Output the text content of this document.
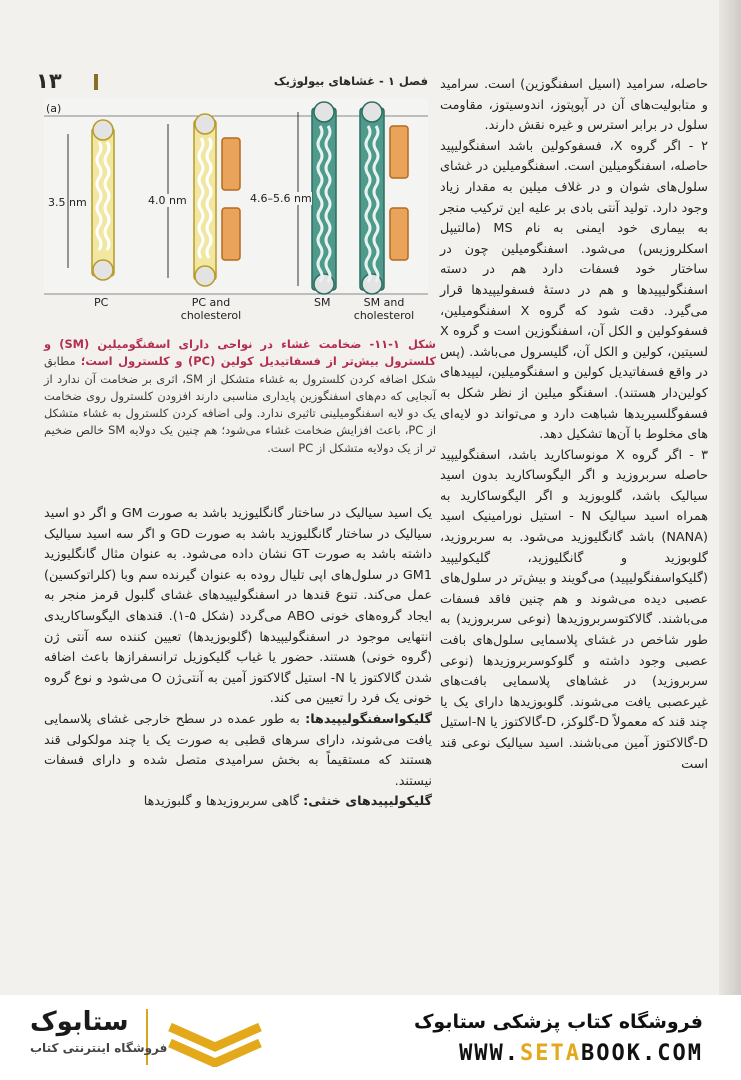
۱۳	فصل ۱ - غشاهای بیولوژیک
(a)
3.5 nm	4.0 nm	4.6–5.6 nm
PC	PC and cholesterol
SM	SM and cholesterol
شکل ۱-۱۱- ضخامت غشاء در نواحی دارای اسفنگومیلین (SM) و کلسترول بیش‌تر از فسفاتیدیل کولین (PC) و کلسترول است؛ مطابق شکل اضافه کردن کلسترول به غشاء متشکل از SM، اثری بر ضخامت آن ندارد از آنجایی که دم‌های اسفنگوزین پایداری مناسبی دارند افزودن کلسترول روی ضخامت یک دو لایه اسفنگومیلینی تاثیری ندارد. ولی اضافه کردن کلسترول به غشاء متشکل از PC، باعث افزایش ضخامت غشاء می‌شود؛ هم چنین یک دولایه SM خالص ضخیم تر از یک دولایه متشکل از PC است.

حاصله، سرامید (اسیل اسفنگوزین) است. سرامید و متابولیت‌های آن در آپوپتوز، اندوسیتوز، مقاومت سلول در برابر استرس و غیره نقش دارند.

۲ - اگر گروه X، فسفوکولین باشد اسفنگولیپید حاصله، اسفنگومیلین است. اسفنگومیلین در غشای سلول‌های شوان و در غلاف میلین به مقدار زیاد وجود دارد. تولید آنتی بادی بر علیه این ترکیب منجر به بیماری خود ایمنی به نام MS (مالتیپل اسکلروزیس) می‌شود. اسفنگومیلین چون در ساختار خود فسفات دارد هم در دسته اسفنگولیپیدها و هم در دستهٔ فسفولیپیدها قرار می‌گیرد. دقت شود که گروه X اسفنگومیلین، فسفوکولین و الکل آن، اسفنگوزین است و گروه X لسیتین، کولین و الکل آن، گلیسرول می‌باشد. (پس در واقع فسفاتیدیل کولین و اسفنگومیلین، لیپیدهای کولین‌دار هستند). اسفنگو میلین از نظر شکل به فسفوگلسیریدها شباهت دارد و می‌تواند دو لایه‌ای های مخلوط با آن‌ها تشکیل دهد.

۳ - اگر گروه X مونوساکارید باشد، اسفنگولیپید حاصله سربروزید و اگر الیگوساکارید بدون اسید سیالیک باشد، گلوبوزید و اگر الیگوساکارید به همراه اسید سیالیک N - استیل نورامینیک اسید (NANA) باشد گانگلیوزید می‌شود. به سربروزید، گلوبوزید و گانگلیوزید، گلیکولیپید (گلیکواسفنگولیپید) می‌گویند و بیش‌تر در سلول‌های عصبی دیده می‌شوند و هم چنین فاقد فسفات می‌باشند. گالاکتوسربروزیدها (نوعی سربروزید) به طور شاخص در غشای پلاسمایی سلول‌های بافت عصبی وجود داشته و گلوکوسربروزیدها (نوعی سربروزید) در غشاهای پلاسمایی بافت‌های غیرعصبی یافت می‌شوند. گلوبوزیدها دارای یک یا چند قند که معمولاً D-گلوکز، D-گالاکتوز یا N-استیل D-گالاکتوز آمین می‌باشند. اسید سیالیک نوعی قند است

یک اسید سیالیک در ساختار گانگلیوزید باشد به صورت GM و اگر دو اسید سیالیک در ساختار گانگلیوزید باشد به صورت GD و اگر سه اسید سیالیک داشته باشد به صورت GT نشان داده می‌شود. به عنوان مثال گانگلیوزید GM1 در سلول‌های اپی تلیال روده به عنوان گیرنده سم وبا (کلراتوکسین) عمل می‌کند. تنوع قندها در اسفنگولیپیدهای غشای گلبول قرمز منجر به ایجاد گروه‌های خونی ABO می‌گردد (شکل ۵-۱). قندهای الیگوساکاریدی انتهایی موجود در اسفنگولیپیدها (گلوبوزیدها) تعیین کننده سه آنتی ژن (گروه خونی) هستند. حضور یا غیاب گلیکوزیل ترانسفرازها باعث اضافه شدن گالاکتوز یا N- استیل گالاکتوز آمین به آنتی‌ژن O می‌شود و نوع گروه خونی یک فرد را تعیین می کند.

گلیکواسفنگولیپیدها: به طور عمده در سطح خارجی غشای پلاسمایی یافت می‌شوند، دارای سرهای قطبی به صورت یک یا چند مولکولی قند هستند که مستقیماً به بخش سرامیدی متصل شده و دارای فسفات نیستند.

گلیکولیپیدهای خنثی: گاهی سربروزیدها و گلبوزیدها

ستابوک
فروشگاه اینترنتی کتاب
فروشگاه کتاب پزشکی ستابوک
WWW.SETABOOK.COM
